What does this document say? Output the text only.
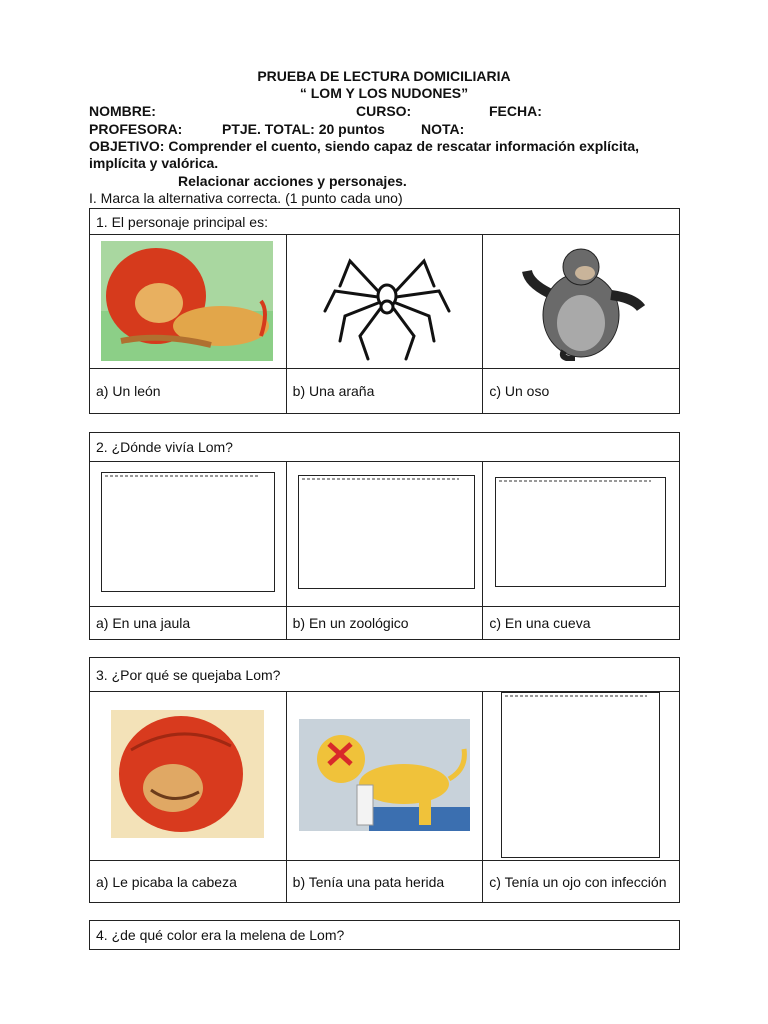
PRUEBA DE LECTURA DOMICILIARIA
“ LOM Y LOS NUDONES”
NOMBRE:	CURSO:	FECHA:
PROFESORA:	PTJE. TOTAL: 20 puntos	NOTA:
OBJETIVO: Comprender el cuento, siendo capaz de rescatar información explícita, implícita y valórica.
Relacionar acciones y personajes.
I. Marca la alternativa correcta. (1 punto cada uno)
1. El personaje principal es:		

a) Un león	b) Una araña	c) Un oso
2. ¿Dónde vivía Lom?		

a) En una jaula	b) En un zoológico	c) En una cueva
3. ¿Por qué se quejaba Lom?		

a) Le picaba la cabeza	b) Tenía una pata herida	c) Tenía un ojo con infección
4. ¿de qué color era la melena de Lom?
